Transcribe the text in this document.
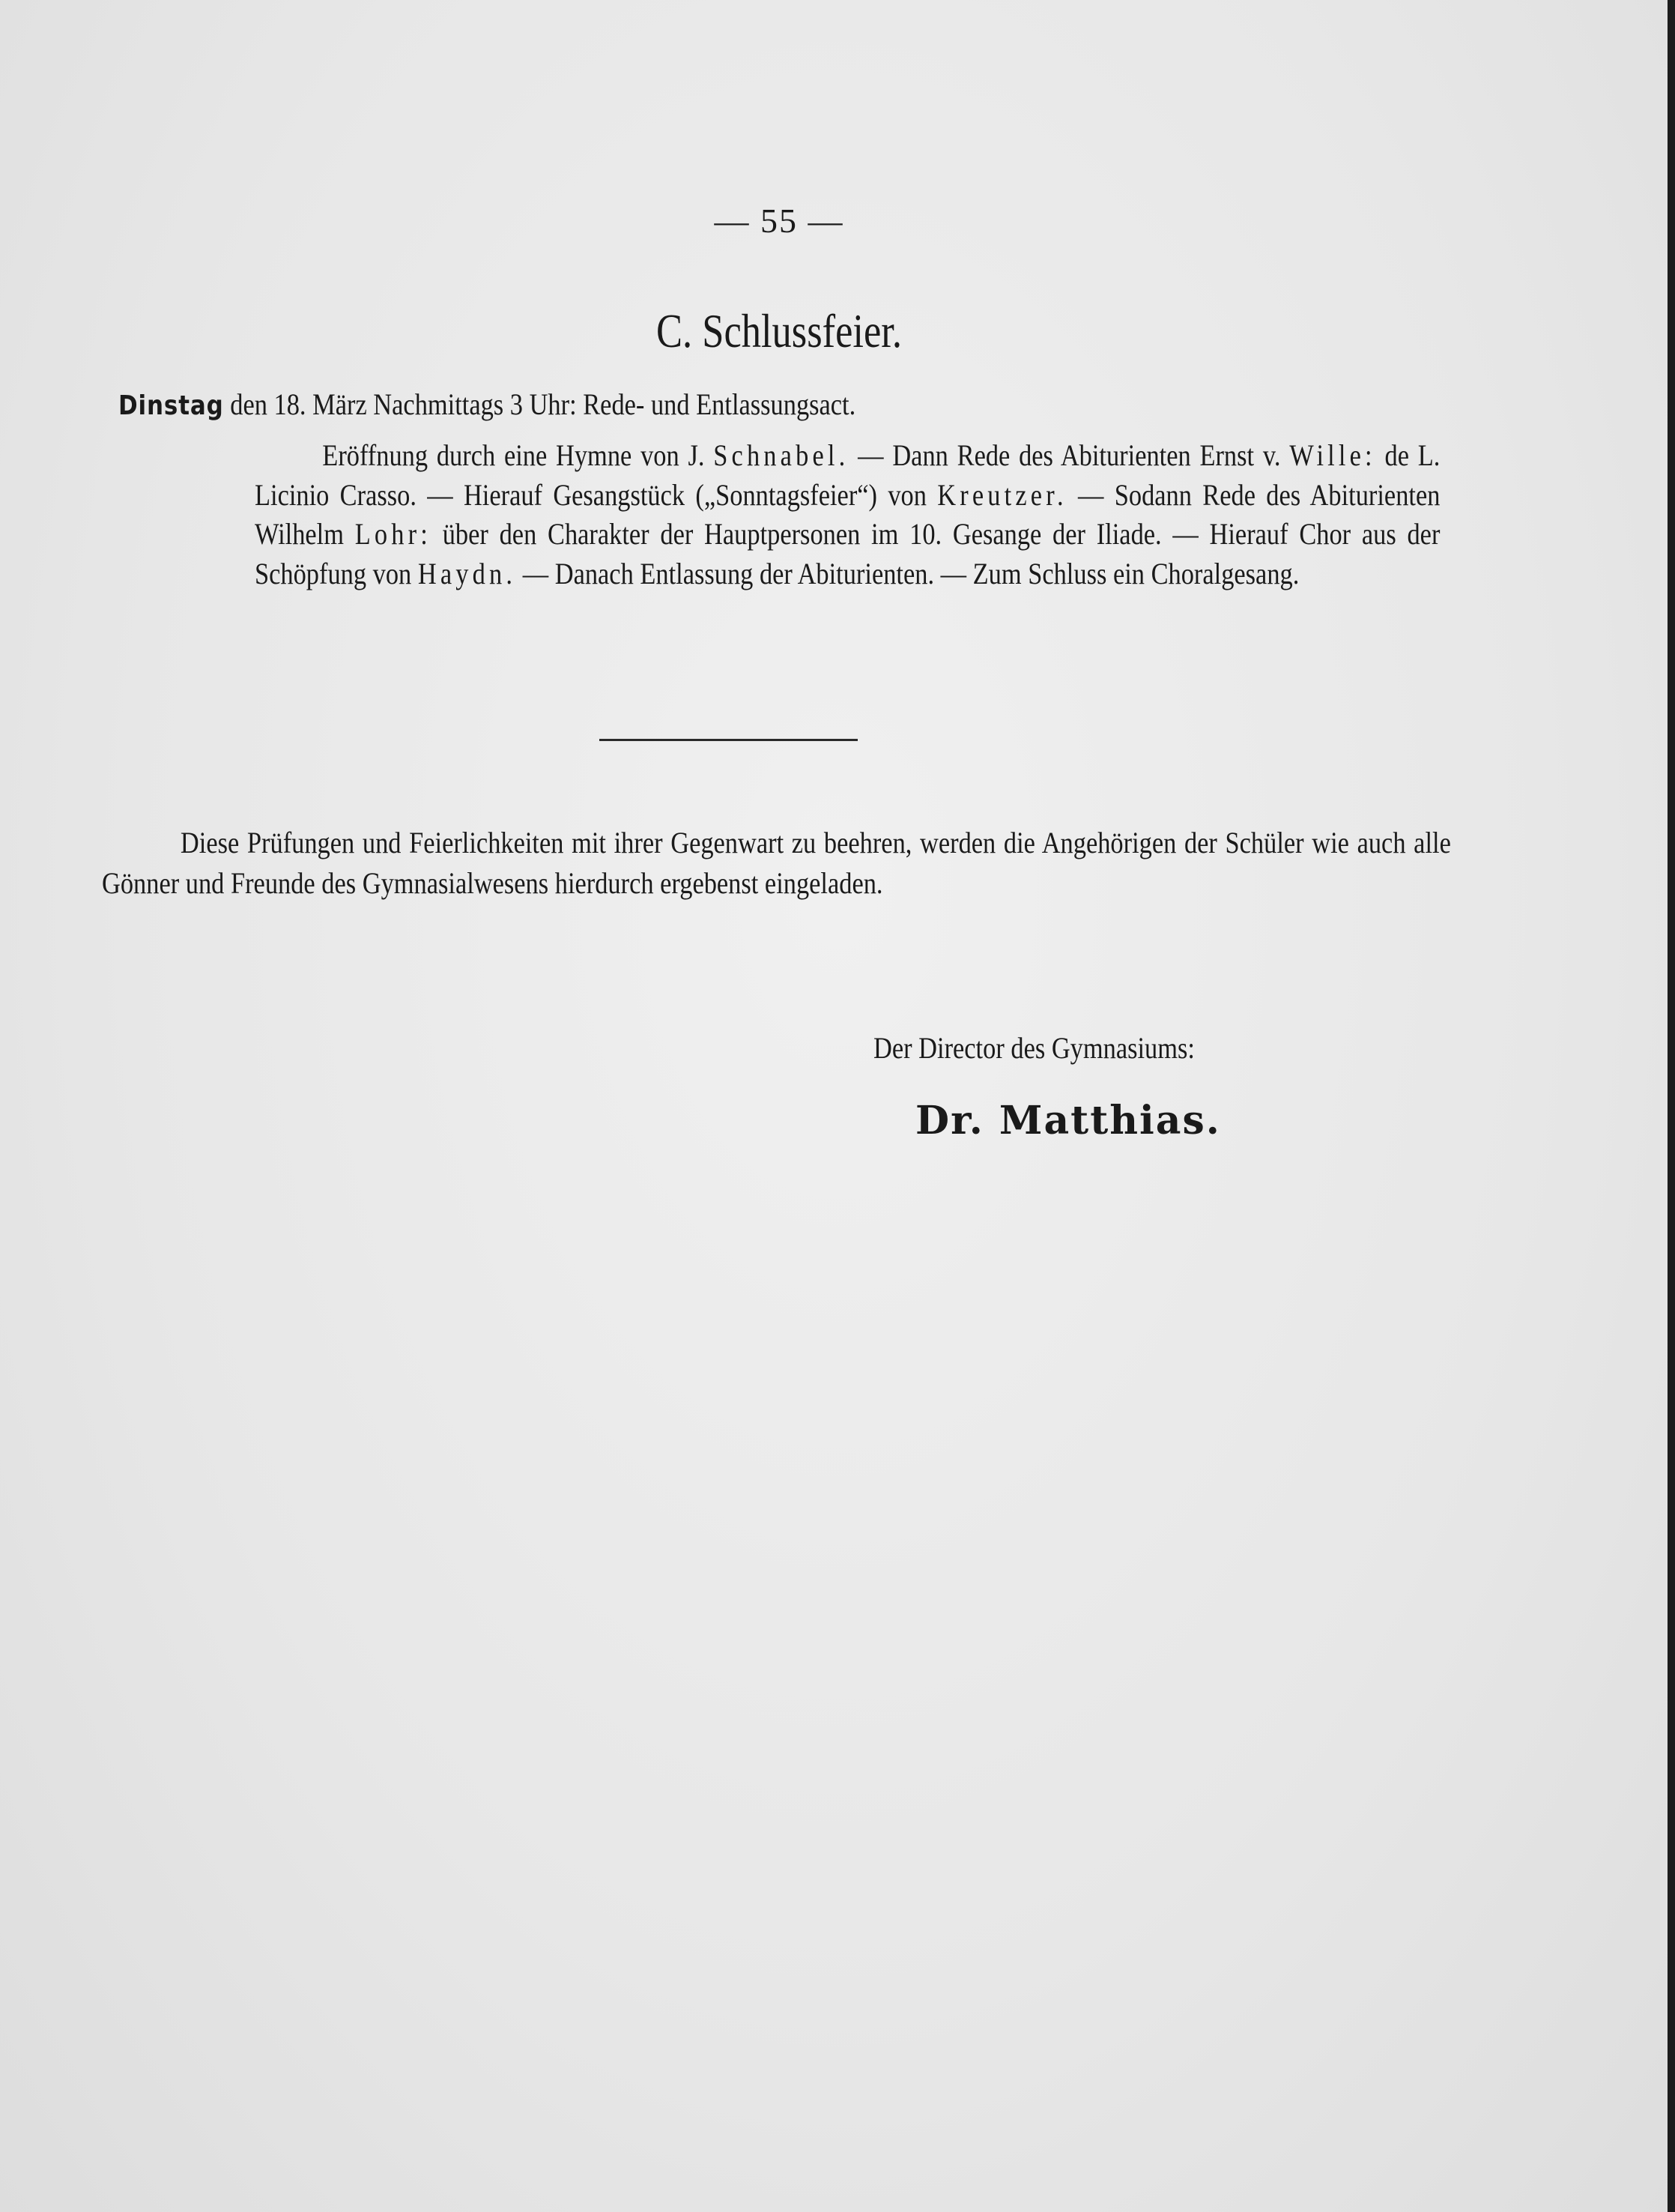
— 55 —
C. Schlussfeier.
Dinstag den 18. März Nachmittags 3 Uhr: Rede- und Entlassungsact.
Eröffnung durch eine Hymne von J. Schnabel. — Dann Rede des Abiturienten Ernst v. Wille: de L. Licinio Crasso. — Hierauf Gesangstück („Sonntagsfeier“) von Kreutzer. — Sodann Rede des Abiturienten Wilhelm Lohr: über den Charakter der Hauptpersonen im 10. Gesange der Iliade. — Hierauf Chor aus der Schöpfung von Haydn. — Danach Entlassung der Abiturienten. — Zum Schluss ein Choralgesang.
Diese Prüfungen und Feierlichkeiten mit ihrer Gegenwart zu beehren, werden die Angehörigen der Schüler wie auch alle Gönner und Freunde des Gymnasialwesens hierdurch ergebenst eingeladen.
Der Director des Gymnasiums:
Dr. Matthias.
